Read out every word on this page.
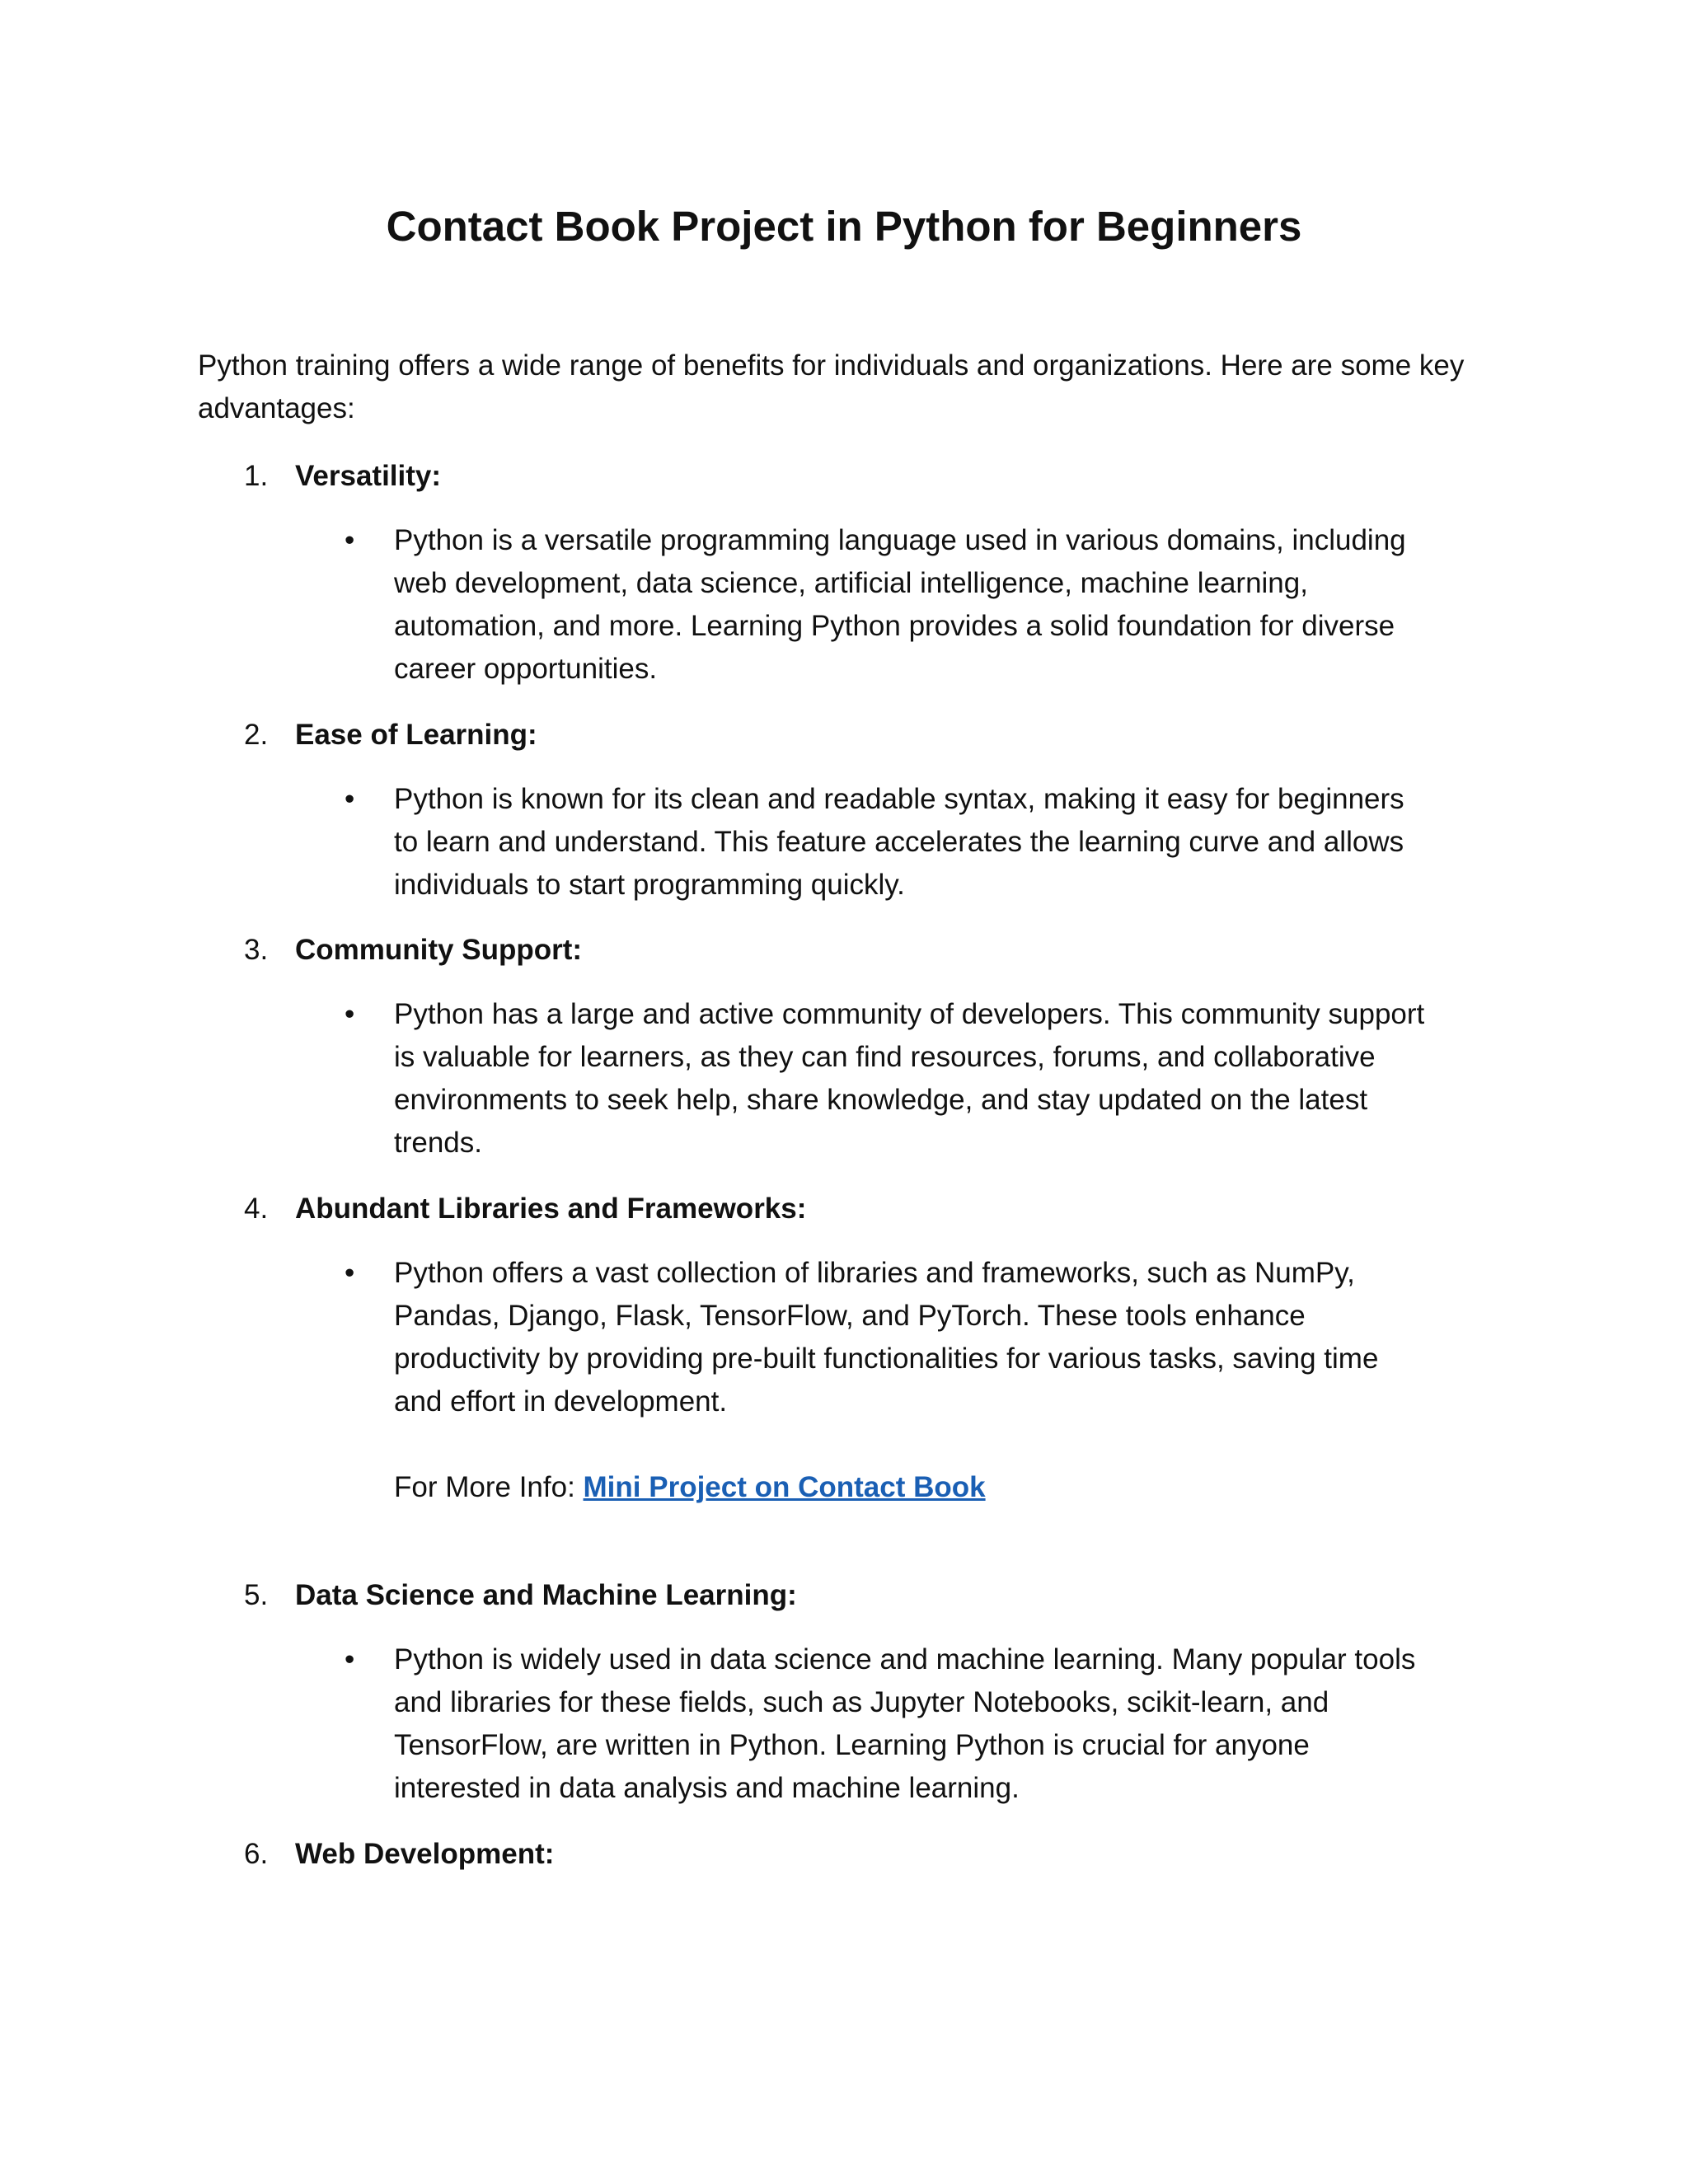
Contact Book Project in Python for Beginners

Python training offers a wide range of benefits for individuals and organizations. Here are some key advantages:

1. Versatility:
•	Python is a versatile programming language used in various domains, including
web development, data science, artificial intelligence, machine learning,
automation, and more. Learning Python provides a solid foundation for diverse
career opportunities.
2. Ease of Learning:
•	Python is known for its clean and readable syntax, making it easy for beginners
to learn and understand. This feature accelerates the learning curve and allows
individuals to start programming quickly.
3. Community Support:
•	Python has a large and active community of developers. This community support
is valuable for learners, as they can find resources, forums, and collaborative
environments to seek help, share knowledge, and stay updated on the latest
trends.
4. Abundant Libraries and Frameworks:
•	Python offers a vast collection of libraries and frameworks, such as NumPy,
Pandas, Django, Flask, TensorFlow, and PyTorch. These tools enhance
productivity by providing pre-built functionalities for various tasks, saving time
and effort in development.
For More Info: Mini Project on Contact Book
5. Data Science and Machine Learning:
•	Python is widely used in data science and machine learning. Many popular tools
and libraries for these fields, such as Jupyter Notebooks, scikit-learn, and
TensorFlow, are written in Python. Learning Python is crucial for anyone
interested in data analysis and machine learning.
6. Web Development:
